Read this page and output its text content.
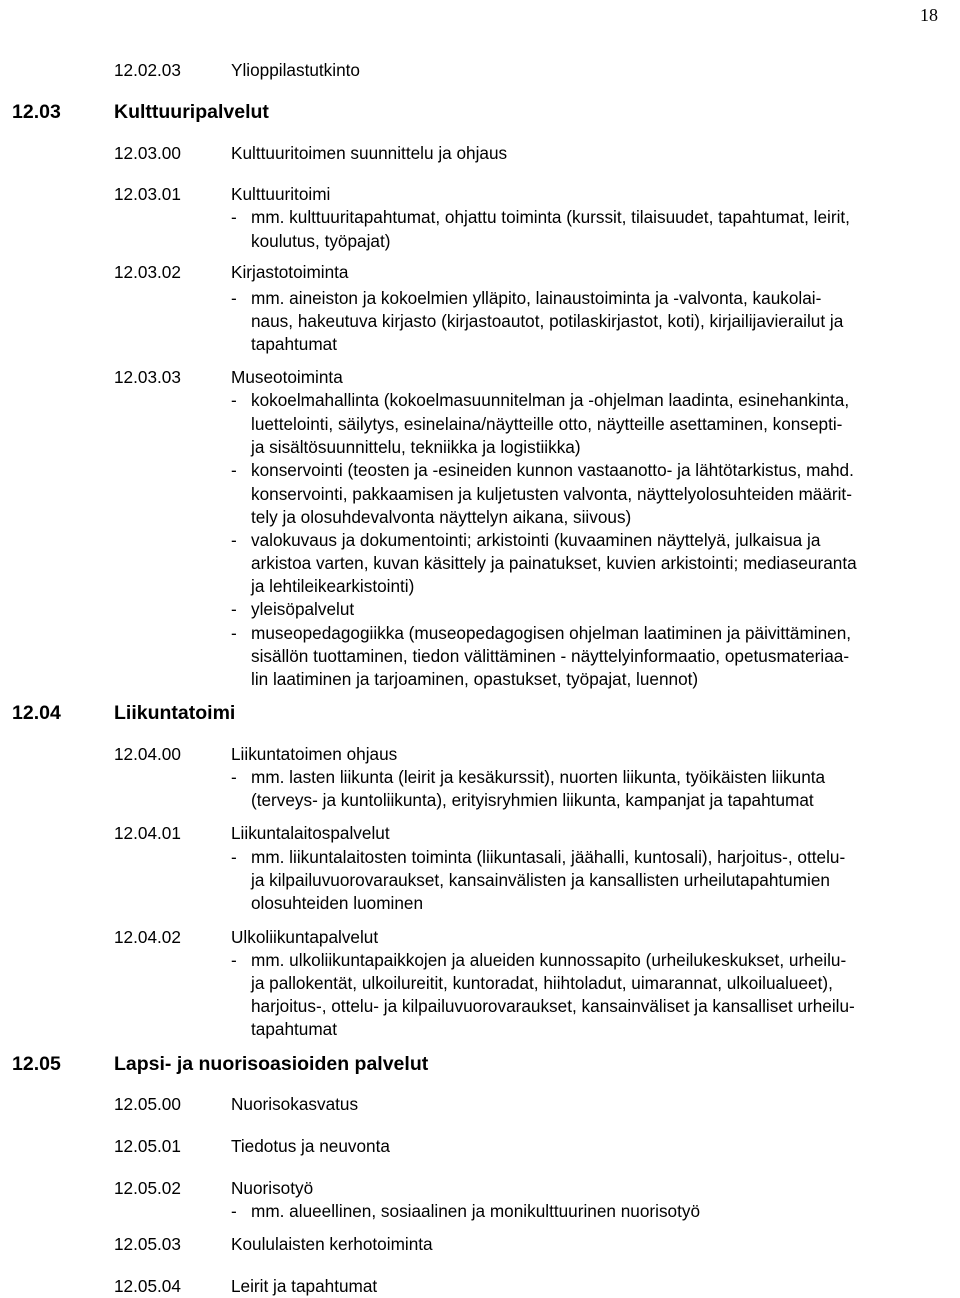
18
12.02.03	Ylioppilastutkinto
12.03	Kulttuuripalvelut
12.03.00	Kulttuuritoimen suunnittelu ja ohjaus
12.03.01	Kulttuuritoimi
- mm. kulttuuritapahtumat, ohjattu toiminta (kurssit, tilaisuudet, tapahtumat, leirit,
koulutus, työpajat)
12.03.02	Kirjastotoiminta
- mm. aineiston ja kokoelmien ylläpito, lainaustoiminta ja -valvonta, kaukolai-
naus, hakeutuva kirjasto (kirjastoautot, potilaskirjastot, koti), kirjailijavierailut ja
tapahtumat
12.03.03	Museotoiminta
- kokoelmahallinta (kokoelmasuunnitelman ja -ohjelman laadinta, esinehankinta,
luettelointi, säilytys, esinelaina/näytteille otto, näytteille asettaminen, konsepti-
ja sisältösuunnittelu, tekniikka ja logistiikka)
- konservointi (teosten ja -esineiden kunnon vastaanotto- ja lähtötarkistus, mahd.
konservointi, pakkaamisen ja kuljetusten valvonta, näyttelyolosuhteiden määrit-
tely ja olosuhdevalvonta näyttelyn aikana, siivous)
- valokuvaus ja dokumentointi; arkistointi (kuvaaminen näyttelyä, julkaisua ja
arkistoa varten, kuvan käsittely ja painatukset, kuvien arkistointi; mediaseuranta
ja lehtileikearkistointi)
- yleisöpalvelut
- museopedagogiikka (museopedagogisen ohjelman laatiminen ja päivittäminen,
sisällön tuottaminen, tiedon välittäminen - näyttelyinformaatio, opetusmateriaa-
lin laatiminen ja tarjoaminen, opastukset, työpajat, luennot)
12.04	Liikuntatoimi
12.04.00	Liikuntatoimen ohjaus
- mm. lasten liikunta (leirit ja kesäkurssit), nuorten liikunta, työikäisten liikunta
(terveys- ja kuntoliikunta), erityisryhmien liikunta, kampanjat ja tapahtumat
12.04.01	Liikuntalaitospalvelut
- mm. liikuntalaitosten toiminta (liikuntasali, jäähalli, kuntosali), harjoitus-, ottelu-
ja kilpailuvuorovaraukset, kansainvälisten ja kansallisten urheilutapahtumien
olosuhteiden luominen
12.04.02	Ulkoliikuntapalvelut
- mm. ulkoliikuntapaikkojen ja alueiden kunnossapito (urheilukeskukset, urheilu-
ja pallokentät, ulkoilureitit, kuntoradat, hiihtoladut, uimarannat, ulkoilualueet),
harjoitus-, ottelu- ja kilpailuvuorovaraukset, kansainväliset ja kansalliset urheilu-
tapahtumat
12.05	Lapsi- ja nuorisoasioiden palvelut
12.05.00	Nuorisokasvatus
12.05.01	Tiedotus ja neuvonta
12.05.02	Nuorisotyö
- mm. alueellinen, sosiaalinen ja monikulttuurinen nuorisotyö
12.05.03	Koululaisten kerhotoiminta
12.05.04	Leirit ja tapahtumat
